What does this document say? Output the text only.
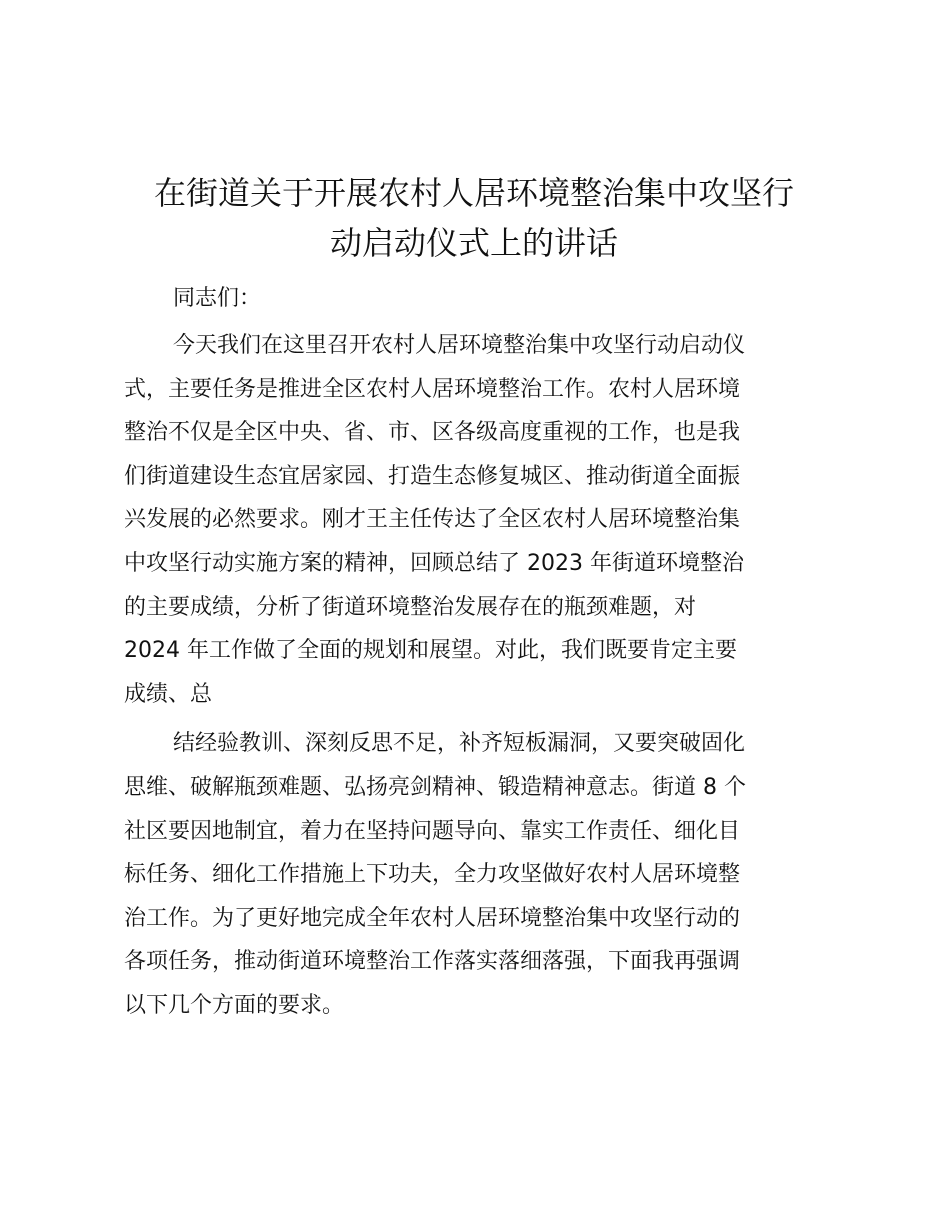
在街道关于开展农村人居环境整治集中攻坚行
动启动仪式上的讲话
同志们：
今天我们在这里召开农村人居环境整治集中攻坚行动启动仪
式，主要任务是推进全区农村人居环境整治工作。农村人居环境
整治不仅是全区中央、省、市、区各级高度重视的工作，也是我
们街道建设生态宜居家园、打造生态修复城区、推动街道全面振
兴发展的必然要求。刚才王主任传达了全区农村人居环境整治集
中攻坚行动实施方案的精神，回顾总结了 2023 年街道环境整治
的主要成绩，分析了街道环境整治发展存在的瓶颈难题，对
2024 年工作做了全面的规划和展望。对此，我们既要肯定主要
成绩、总
结经验教训、深刻反思不足，补齐短板漏洞，又要突破固化
思维、破解瓶颈难题、弘扬亮剑精神、锻造精神意志。街道 8 个
社区要因地制宜，着力在坚持问题导向、靠实工作责任、细化目
标任务、细化工作措施上下功夫，全力攻坚做好农村人居环境整
治工作。为了更好地完成全年农村人居环境整治集中攻坚行动的
各项任务，推动街道环境整治工作落实落细落强，下面我再强调
以下几个方面的要求。
